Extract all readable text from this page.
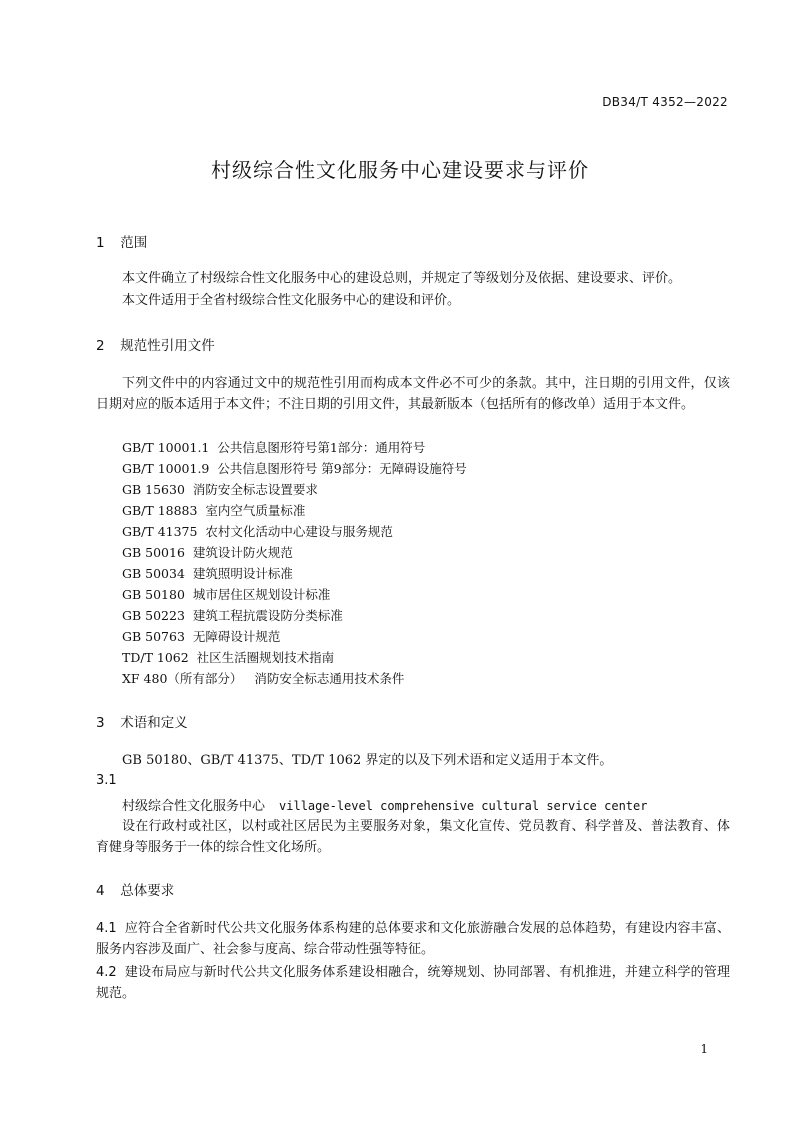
DB34/T 4352—2022
村级综合性文化服务中心建设要求与评价
1 范围
本文件确立了村级综合性文化服务中心的建设总则，并规定了等级划分及依据、建设要求、评价。
本文件适用于全省村级综合性文化服务中心的建设和评价。
2 规范性引用文件
下列文件中的内容通过文中的规范性引用而构成本文件必不可少的条款。其中，注日期的引用文件，仅该日期对应的版本适用于本文件；不注日期的引用文件，其最新版本（包括所有的修改单）适用于本文件。
GB/T 10001.1  公共信息图形符号第1部分：通用符号
GB/T 10001.9  公共信息图形符号 第9部分：无障碍设施符号
GB 15630  消防安全标志设置要求
GB/T 18883  室内空气质量标准
GB/T 41375  农村文化活动中心建设与服务规范
GB 50016  建筑设计防火规范
GB 50034  建筑照明设计标准
GB 50180  城市居住区规划设计标准
GB 50223  建筑工程抗震设防分类标准
GB 50763  无障碍设计规范
TD/T 1062  社区生活圈规划技术指南
XF 480（所有部分）   消防安全标志通用技术条件
3 术语和定义
GB 50180、GB/T 41375、TD/T 1062 界定的以及下列术语和定义适用于本文件。
3.1
村级综合性文化服务中心 village-level comprehensive cultural service center
设在行政村或社区，以村或社区居民为主要服务对象，集文化宣传、党员教育、科学普及、普法教育、体育健身等服务于一体的综合性文化场所。
4 总体要求
4.1 应符合全省新时代公共文化服务体系构建的总体要求和文化旅游融合发展的总体趋势，有建设内容丰富、服务内容涉及面广、社会参与度高、综合带动性强等特征。
4.2 建设布局应与新时代公共文化服务体系建设相融合，统筹规划、协同部署、有机推进，并建立科学的管理规范。
1
